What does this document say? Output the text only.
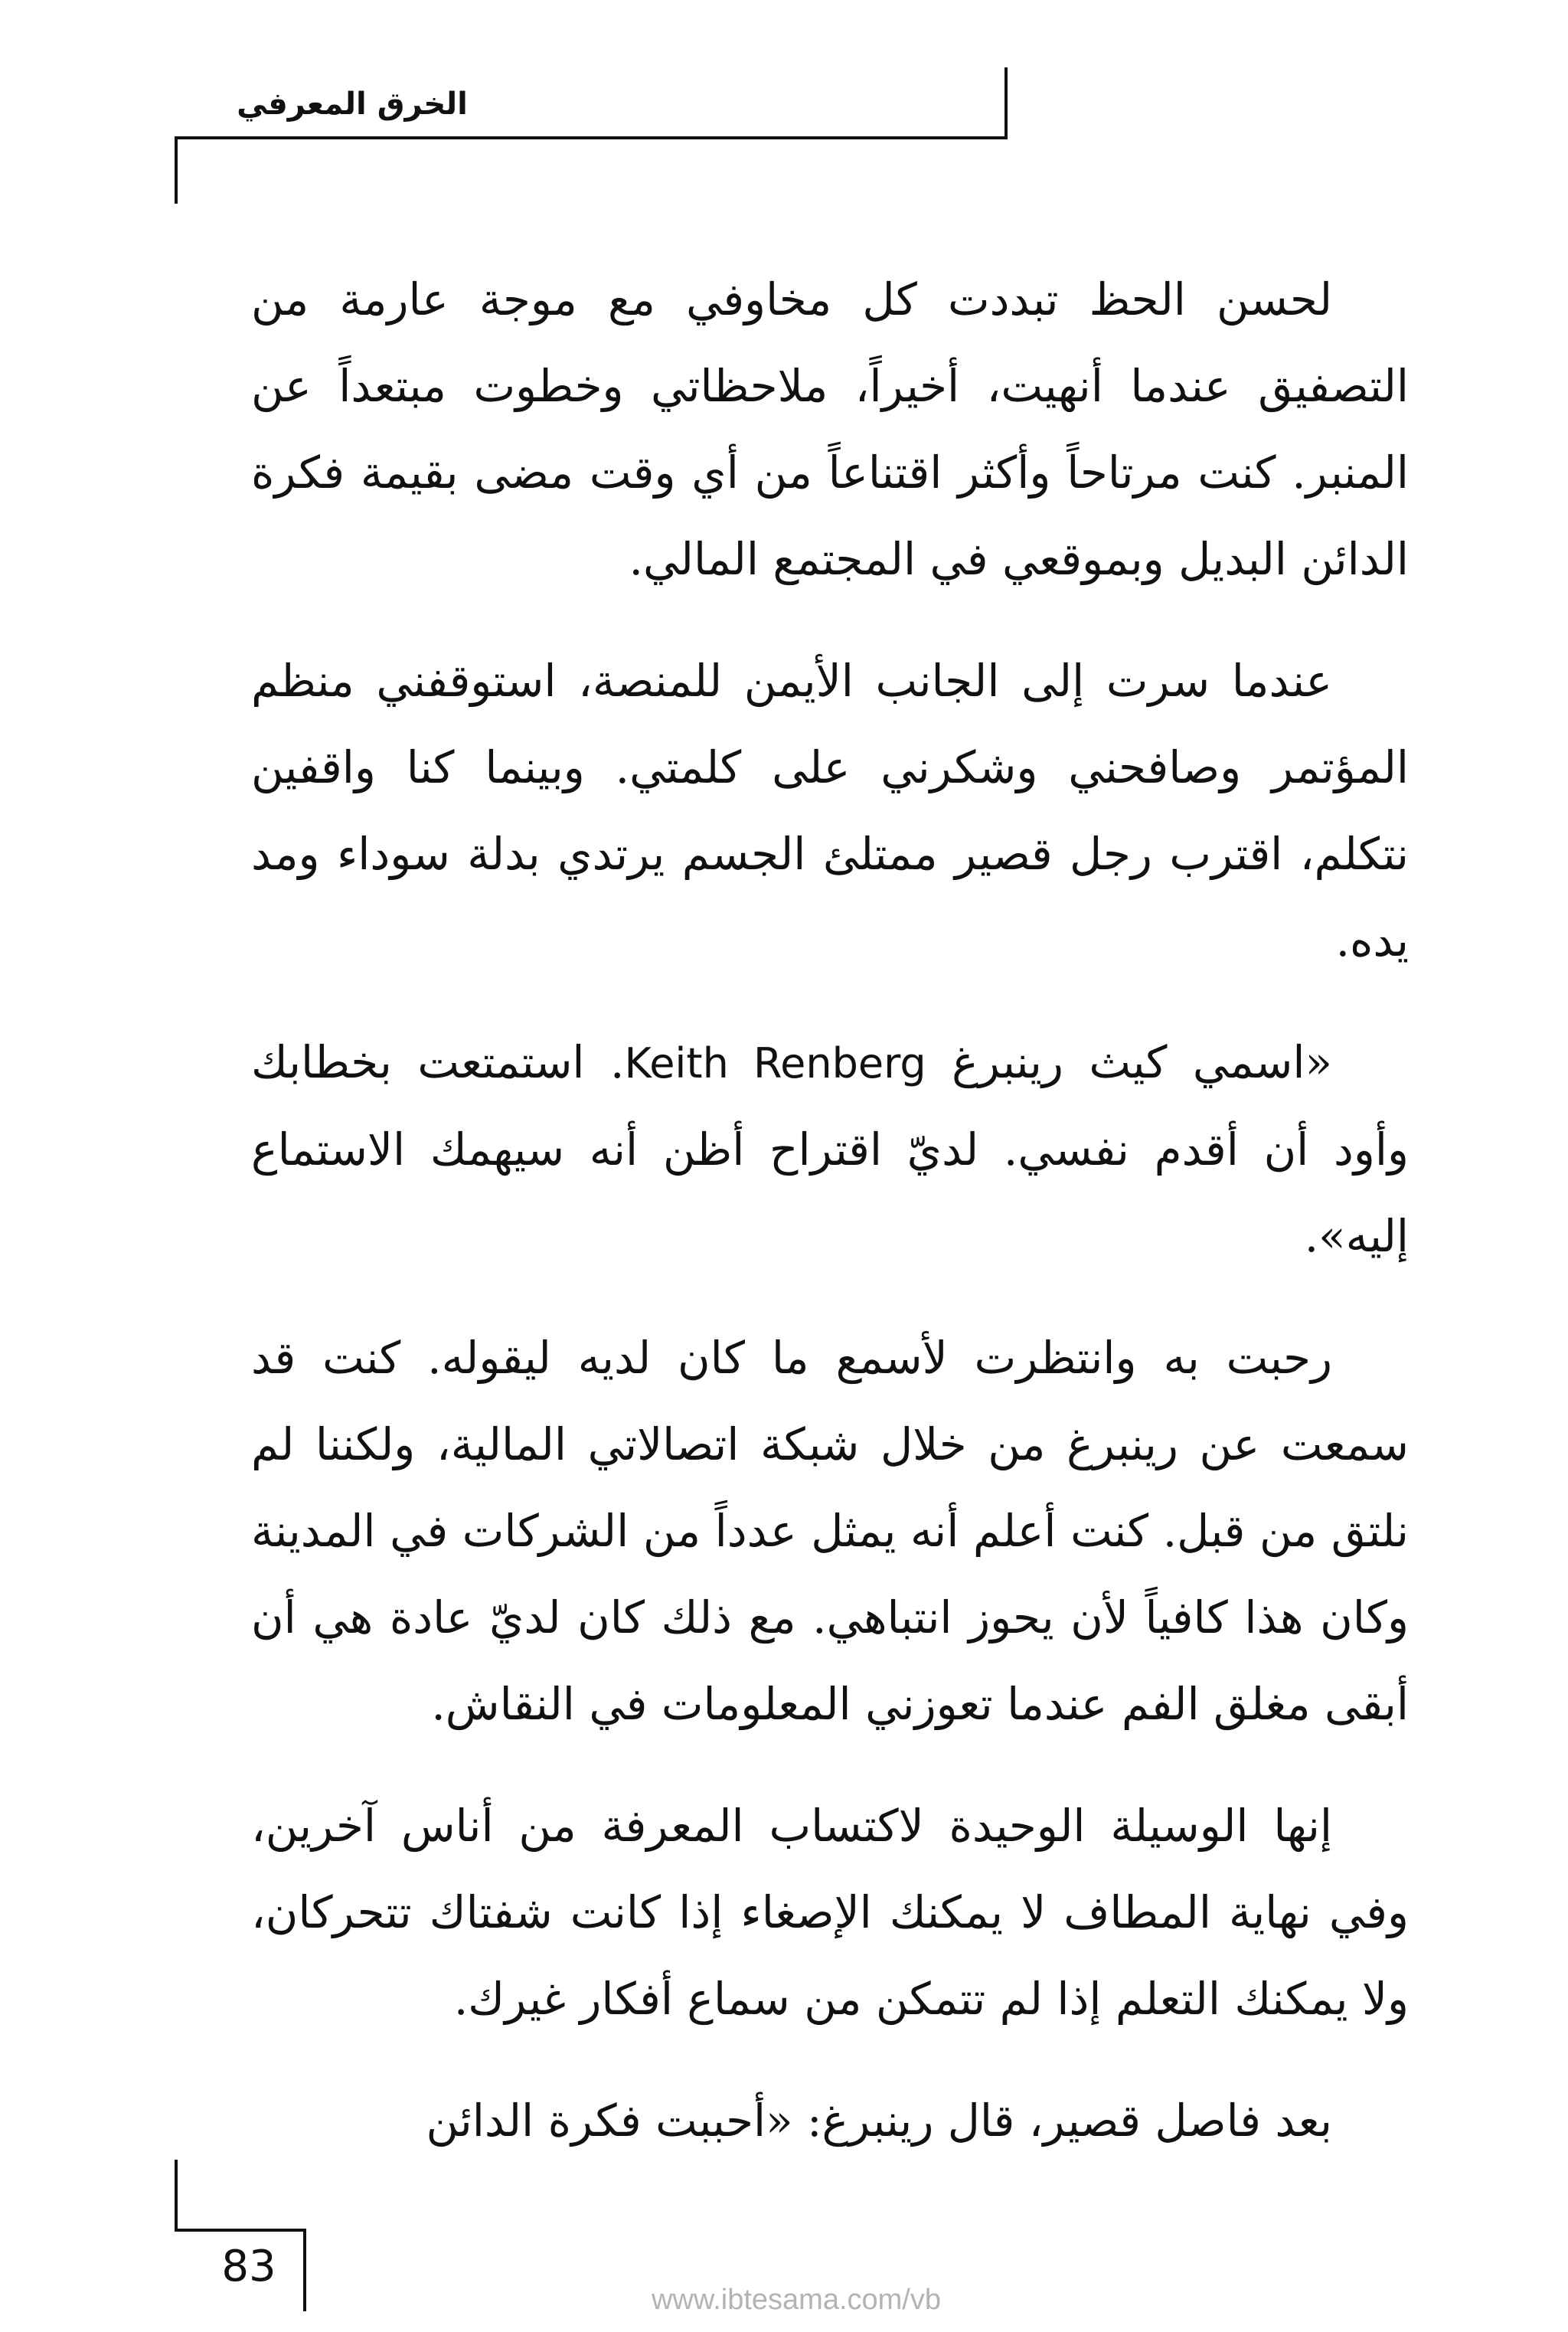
الخرق المعرفي

لحسن الحظ تبددت كل مخاوفي مع موجة عارمة من التصفيق عندما أنهيت، أخيراً، ملاحظاتي وخطوت مبتعداً عن المنبر. كنت مرتاحاً وأكثر اقتناعاً من أي وقت مضى بقيمة فكرة الدائن البديل وبموقعي في المجتمع المالي.

عندما سرت إلى الجانب الأيمن للمنصة، استوقفني منظم المؤتمر وصافحني وشكرني على كلمتي. وبينما كنا واقفين نتكلم، اقترب رجل قصير ممتلئ الجسم يرتدي بدلة سوداء ومد يده.

«اسمي كيث رينبرغ Keith Renberg. استمتعت بخطابك وأود أن أقدم نفسي. لديّ اقتراح أظن أنه سيهمك الاستماع إليه».

رحبت به وانتظرت لأسمع ما كان لديه ليقوله. كنت قد سمعت عن رينبرغ من خلال شبكة اتصالاتي المالية، ولكننا لم نلتق من قبل. كنت أعلم أنه يمثل عدداً من الشركات في المدينة وكان هذا كافياً لأن يحوز انتباهي. مع ذلك كان لديّ عادة هي أن أبقى مغلق الفم عندما تعوزني المعلومات في النقاش.

إنها الوسيلة الوحيدة لاكتساب المعرفة من أناس آخرين، وفي نهاية المطاف لا يمكنك الإصغاء إذا كانت شفتاك تتحركان، ولا يمكنك التعلم إذا لم تتمكن من سماع أفكار غيرك.

بعد فاصل قصير، قال رينبرغ: «أحببت فكرة الدائن

83
www.ibtesama.com/vb
